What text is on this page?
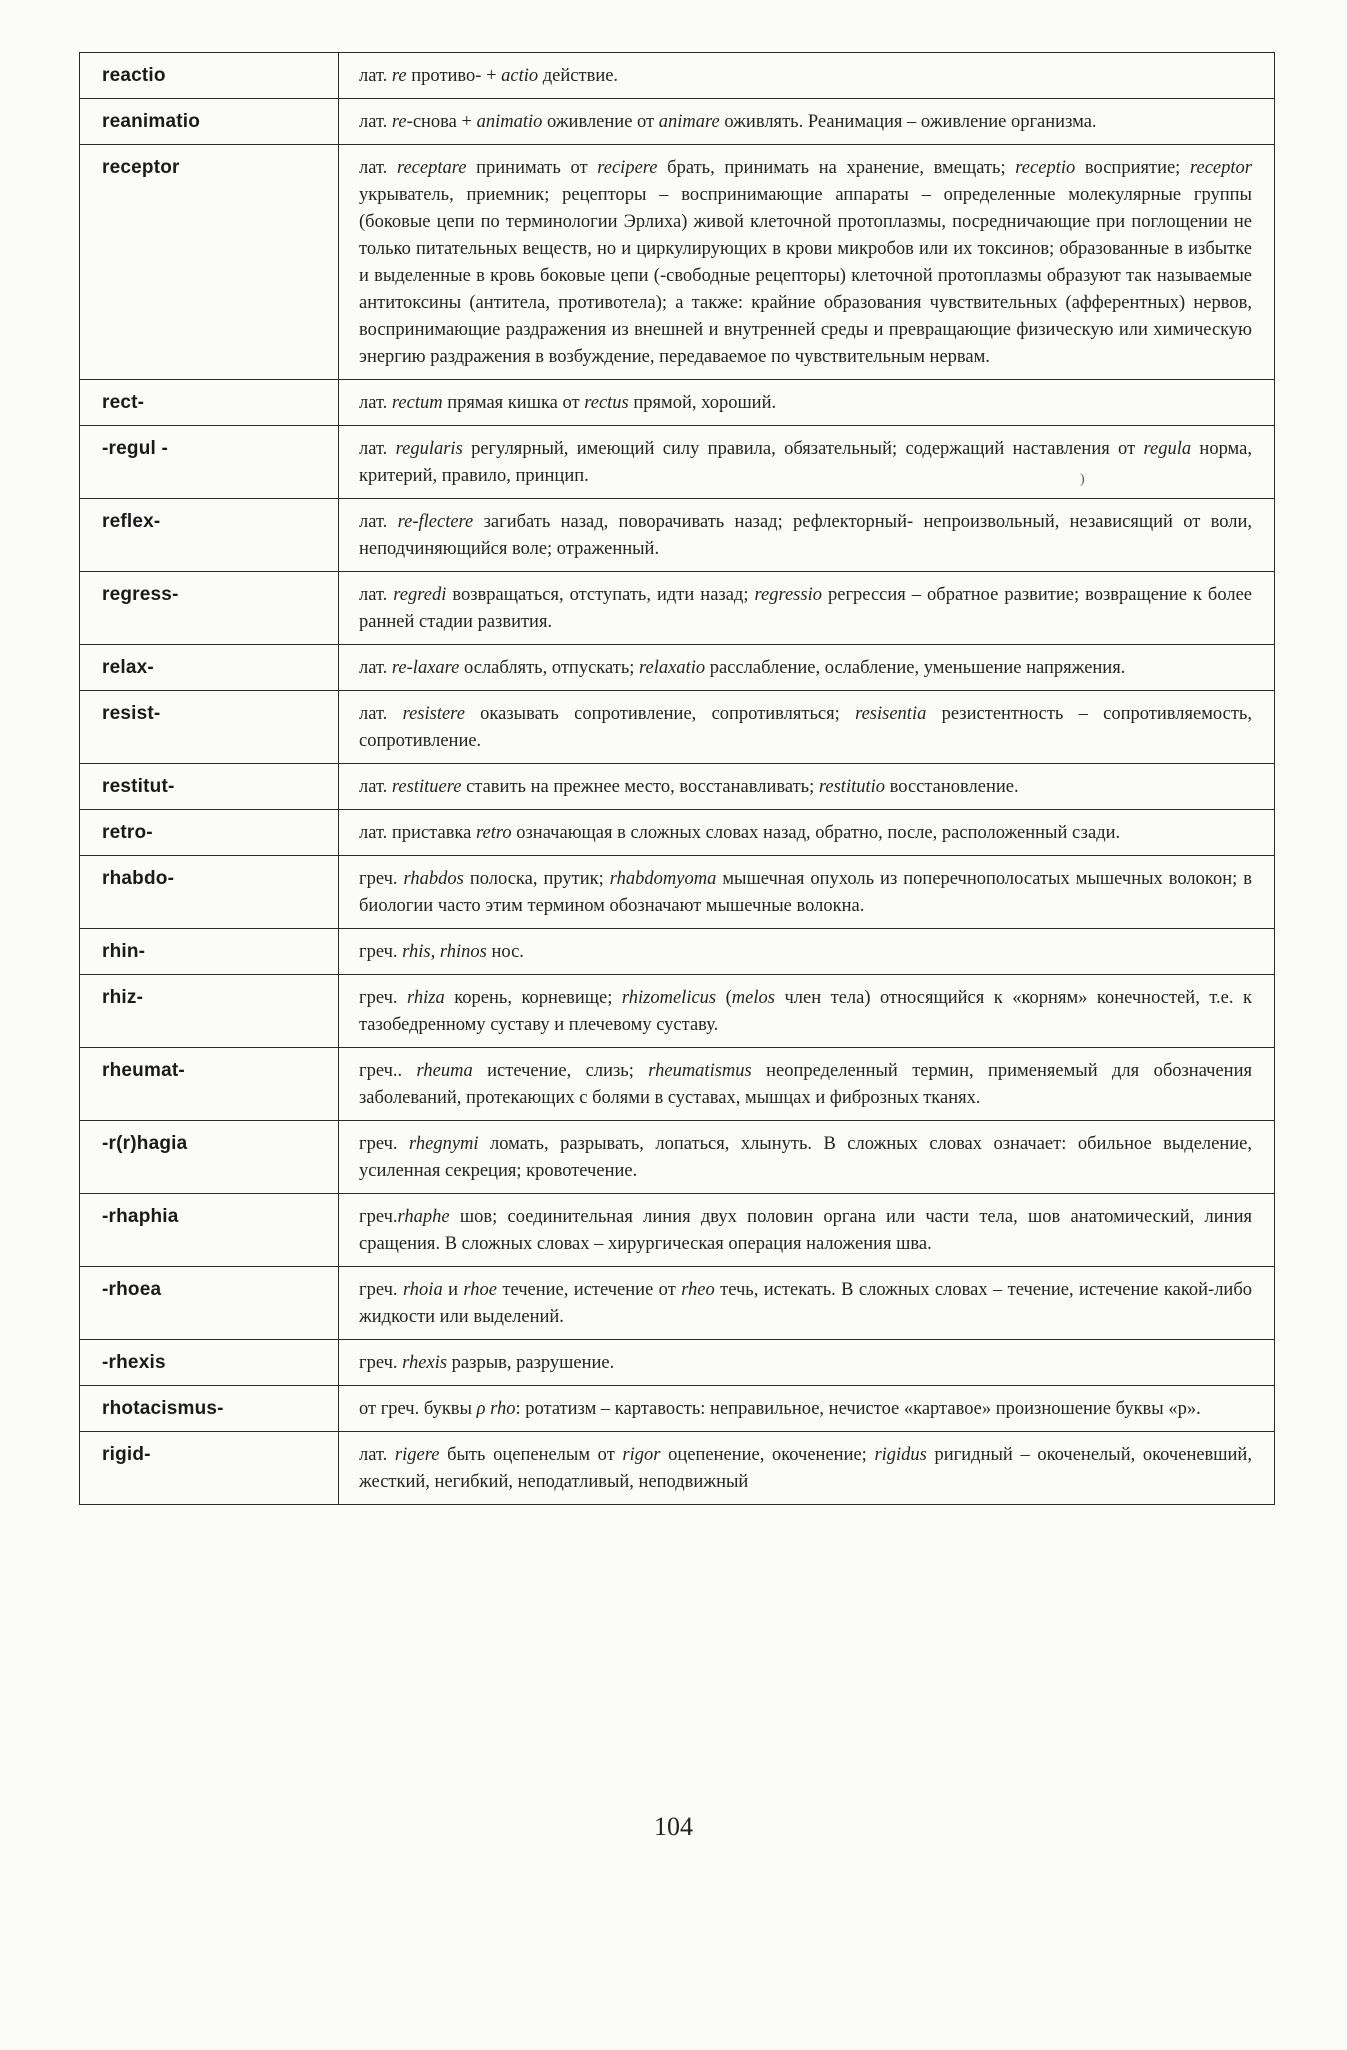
reactio	лат. re противо- + actio действие.
reanimatio	лат. re-снова + animatio оживление от animare оживлять. Реанимация – оживление организма.
receptor	лат. receptare принимать от recipere брать, принимать на хранение, вмещать; receptio восприятие; receptor укрыватель, приемник; рецепторы – воспринимающие аппараты – определенные молекулярные группы (боковые цепи по терминологии Эрлиха) живой клеточной протоплазмы, посредничающие при поглощении не только питательных веществ, но и циркулирующих в крови микробов или их токсинов; образованные в избытке и выделенные в кровь боковые цепи (-свободные рецепторы) клеточной протоплазмы образуют так называемые антитоксины (антитела, противотела); а также: крайние образования чувствительных (афферентных) нервов, воспринимающие раздражения из внешней и внутренней среды и превращающие физическую или химическую энергию раздражения в возбуждение, передаваемое по чувствительным нервам.
rect-	лат. rectum прямая кишка от rectus прямой, хороший.
-regul -	лат. regularis регулярный, имеющий силу правила, обязательный; содержащий наставления от regula норма, критерий, правило, принцип.
reflex-	лат. re-flectere загибать назад, поворачивать назад; рефлекторный- непроизвольный, независящий от воли, неподчиняющийся воле; отраженный.
regress-	лат. regredi возвращаться, отступать, идти назад; regressio регрессия – обратное развитие; возвращение к более ранней стадии развития.
relax-	лат. re-laxare ослаблять, отпускать; relaxatio расслабление, ослабление, уменьшение напряжения.
resist-	лат. resistere оказывать сопротивление, сопротивляться; resisentia резистентность – сопротивляемость, сопротивление.
restitut-	лат. restituere ставить на прежнее место, восстанавливать; restitutio восстановление.
retro-	лат. приставка retro означающая в сложных словах назад, обратно, после, расположенный сзади.
rhabdo-	греч. rhabdos полоска, прутик; rhabdomyoma мышечная опухоль из поперечнополосатых мышечных волокон; в биологии часто этим термином обозначают мышечные волокна.
rhin-	греч. rhis, rhinos нос.
rhiz-	греч. rhiza корень, корневище; rhizomelicus (melos член тела) относящийся к «корням» конечностей, т.е. к тазобедренному суставу и плечевому суставу.
rheumat-	греч.. rheuma истечение, слизь; rheumatismus неопределенный термин, применяемый для обозначения заболеваний, протекающих с болями в суставах, мышцах и фиброзных тканях.
-r(r)hagia	греч. rhegnymi ломать, разрывать, лопаться, хлынуть. В сложных словах означает: обильное выделение, усиленная секреция; кровотечение.
-rhaphia	греч.rhaphe шов; соединительная линия двух половин органа или части тела, шов анатомический, линия сращения. В сложных словах – хирургическая операция наложения шва.
-rhoea	греч. rhoia и rhoe течение, истечение от rheo течь, истекать. В сложных словах – течение, истечение какой-либо жидкости или выделений.
-rhexis	греч. rhexis разрыв, разрушение.
rhotacismus-	от греч. буквы ρ rho: ротатизм – картавость: неправильное, нечистое «картавое» произношение буквы «р».
rigid-	лат. rigere быть оцепенелым от rigor оцепенение, окоченение; rigidus ригидный – окоченелый, окоченевший, жесткий, негибкий, неподатливый, неподвижный
)
104
